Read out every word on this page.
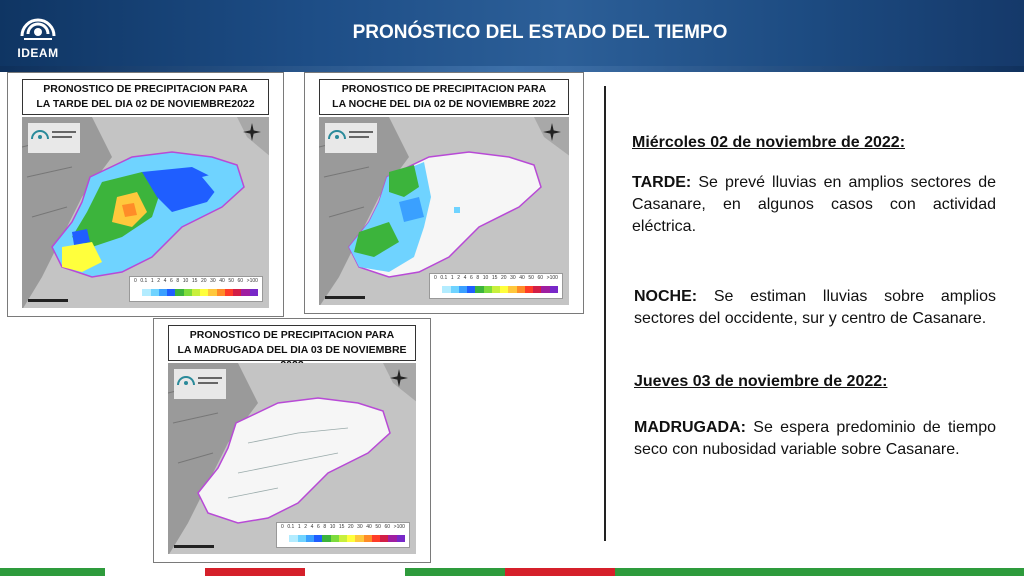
IDEAM
PRONÓSTICO DEL ESTADO DEL TIEMPO
PRONOSTICO DE PRECIPITACION PARA
LA TARDE DEL DIA 02 DE NOVIEMBRE2022
0 0.1 1 2 4 6 8 10 15 20 30 40 50 60 >100
PRONOSTICO DE PRECIPITACION PARA
LA NOCHE DEL DIA 02 DE NOVIEMBRE 2022
0 0.1 1 2 4 6 8 10 15 20 30 40 50 60 >100
PRONOSTICO DE PRECIPITACION PARA
LA MADRUGADA DEL DIA 03 DE NOVIEMBRE
0 0.1 1 2 4 6 8 10 15 20 30 40 50 60 >100
Miércoles 02 de noviembre de 2022:
TARDE: Se prevé lluvias en amplios sectores de Casanare, en algunos casos con actividad eléctrica.
NOCHE: Se estiman lluvias sobre amplios sectores del occidente, sur y centro de Casanare.
Jueves 03 de noviembre de 2022:
MADRUGADA: Se espera predominio de tiempo seco con nubosidad variable sobre Casanare.
